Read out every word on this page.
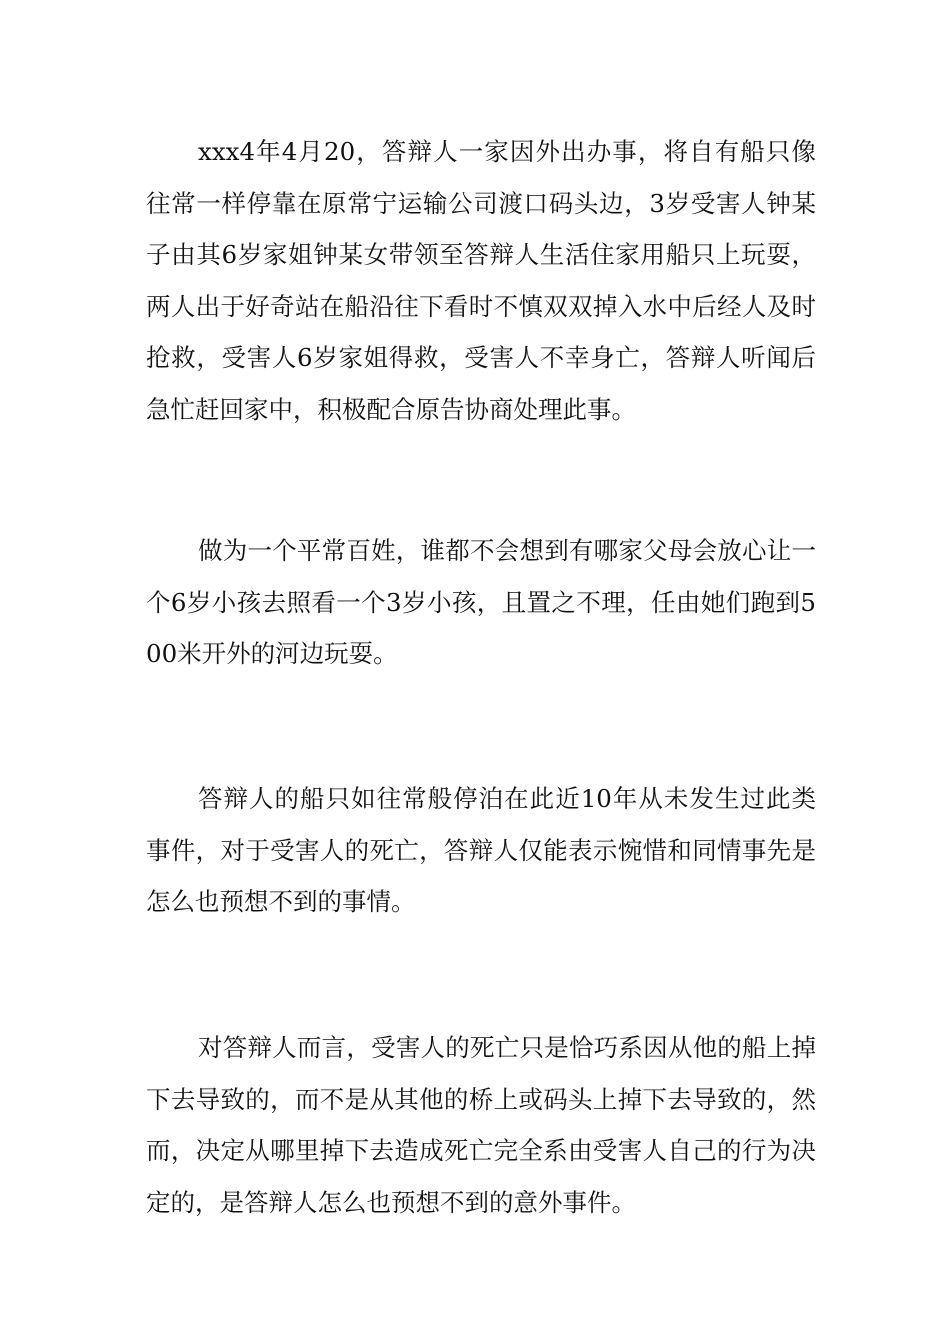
xxx4年4月20，答辩人一家因外出办事，将自有船只像往常一样停靠在原常宁运输公司渡口码头边，3岁受害人钟某子由其6岁家姐钟某女带领至答辩人生活住家用船只上玩耍，两人出于好奇站在船沿往下看时不慎双双掉入水中后经人及时抢救，受害人6岁家姐得救，受害人不幸身亡，答辩人听闻后急忙赶回家中，积极配合原告协商处理此事。

做为一个平常百姓，谁都不会想到有哪家父母会放心让一个6岁小孩去照看一个3岁小孩，且置之不理，任由她们跑到500米开外的河边玩耍。

答辩人的船只如往常般停泊在此近10年从未发生过此类事件，对于受害人的死亡，答辩人仅能表示惋惜和同情事先是怎么也预想不到的事情。

对答辩人而言，受害人的死亡只是恰巧系因从他的船上掉下去导致的，而不是从其他的桥上或码头上掉下去导致的，然而，决定从哪里掉下去造成死亡完全系由受害人自己的行为决定的，是答辩人怎么也预想不到的意外事件。
